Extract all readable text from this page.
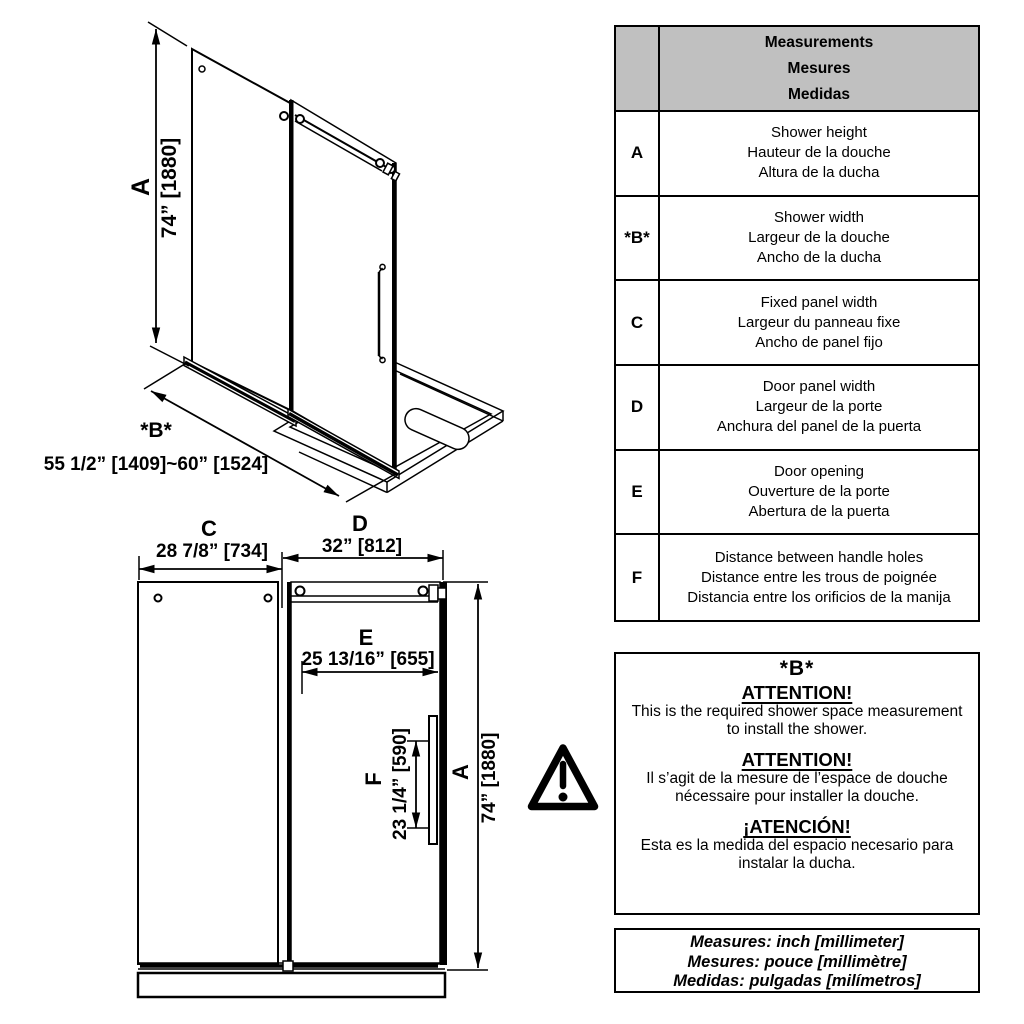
A 74” [1880]
*B*
55 1/2” [1409]~60” [1524]
C
28 7/8” [734]
D
32” [812]
E
25 13/16” [655]
F 23 1/4” [590] A 74” [1880]
Measurements
Mesures
Medidas
A
Shower height
Hauteur de la douche
Altura de la ducha
*B*
Shower width
Largeur de la douche
Ancho de la ducha
C
Fixed panel width
Largeur du panneau fixe
Ancho de panel fijo
D
Door panel width
Largeur de la porte
Anchura del panel de la puerta
E
Door opening
Ouverture de la porte
Abertura de la puerta
F
Distance between handle holes
Distance entre les trous de poignée
Distancia entre los orificios de la manija
*B*
ATTENTION!
This is the required shower space measurement
to install the shower.
ATTENTION!
Il s’agit de la mesure de l’espace de douche
nécessaire pour installer la douche.
¡ATENCIÓN!
Esta es la medida del espacio necesario para
instalar la ducha.
Measures: inch [millimeter]
Mesures: pouce [millimètre]
Medidas: pulgadas [milímetros]
